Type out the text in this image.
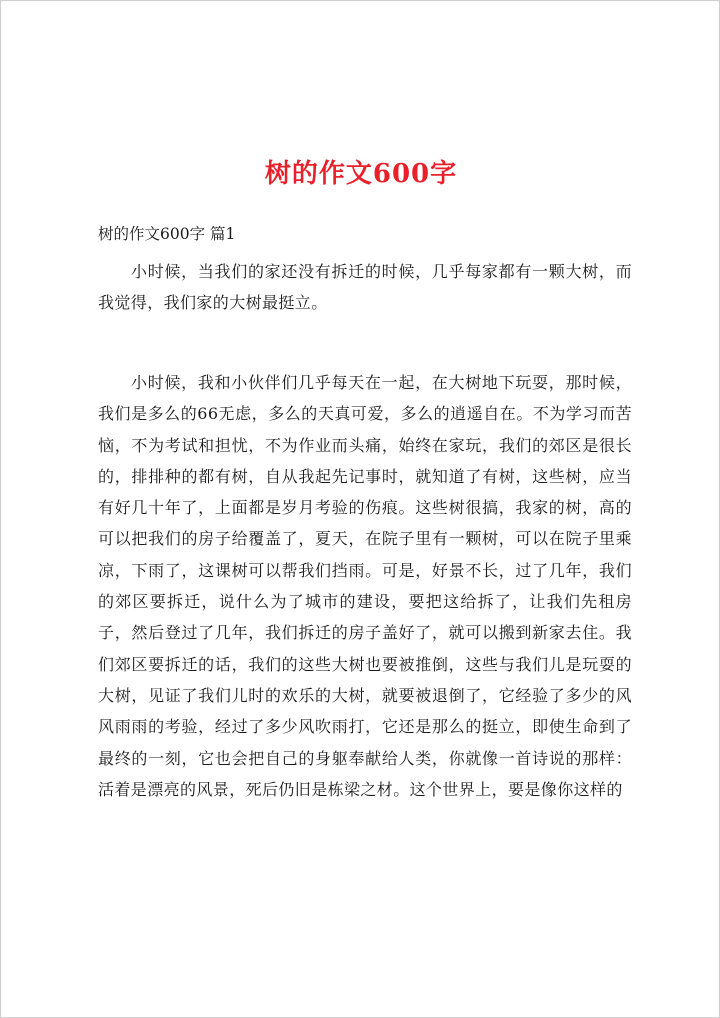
树的作文600字
树的作文600字 篇1
小时候，当我们的家还没有拆迁的时候，几乎每家都有一颗大树，而我觉得，我们家的大树最挺立。
小时候，我和小伙伴们几乎每天在一起，在大树地下玩耍，那时候，我们是多么的66无虑，多么的天真可爱，多么的逍遥自在。不为学习而苦恼，不为考试和担忧，不为作业而头痛，始终在家玩，我们的郊区是很长的，排排种的都有树，自从我起先记事时，就知道了有树，这些树，应当有好几十年了，上面都是岁月考验的伤痕。这些树很搞，我家的树，高的可以把我们的房子给覆盖了，夏天，在院子里有一颗树，可以在院子里乘凉，下雨了，这课树可以帮我们挡雨。可是，好景不长，过了几年，我们的郊区要拆迁，说什么为了城市的建设，要把这给拆了，让我们先租房子，然后登过了几年，我们拆迁的房子盖好了，就可以搬到新家去住。我们郊区要拆迁的话，我们的这些大树也要被推倒，这些与我们儿是玩耍的大树，见证了我们儿时的欢乐的大树，就要被退倒了，它经验了多少的风风雨雨的考验，经过了多少风吹雨打，它还是那么的挺立，即使生命到了最终的一刻，它也会把自己的身躯奉献给人类，你就像一首诗说的那样：活着是漂亮的风景，死后仍旧是栋梁之材。这个世界上，要是像你这样的
